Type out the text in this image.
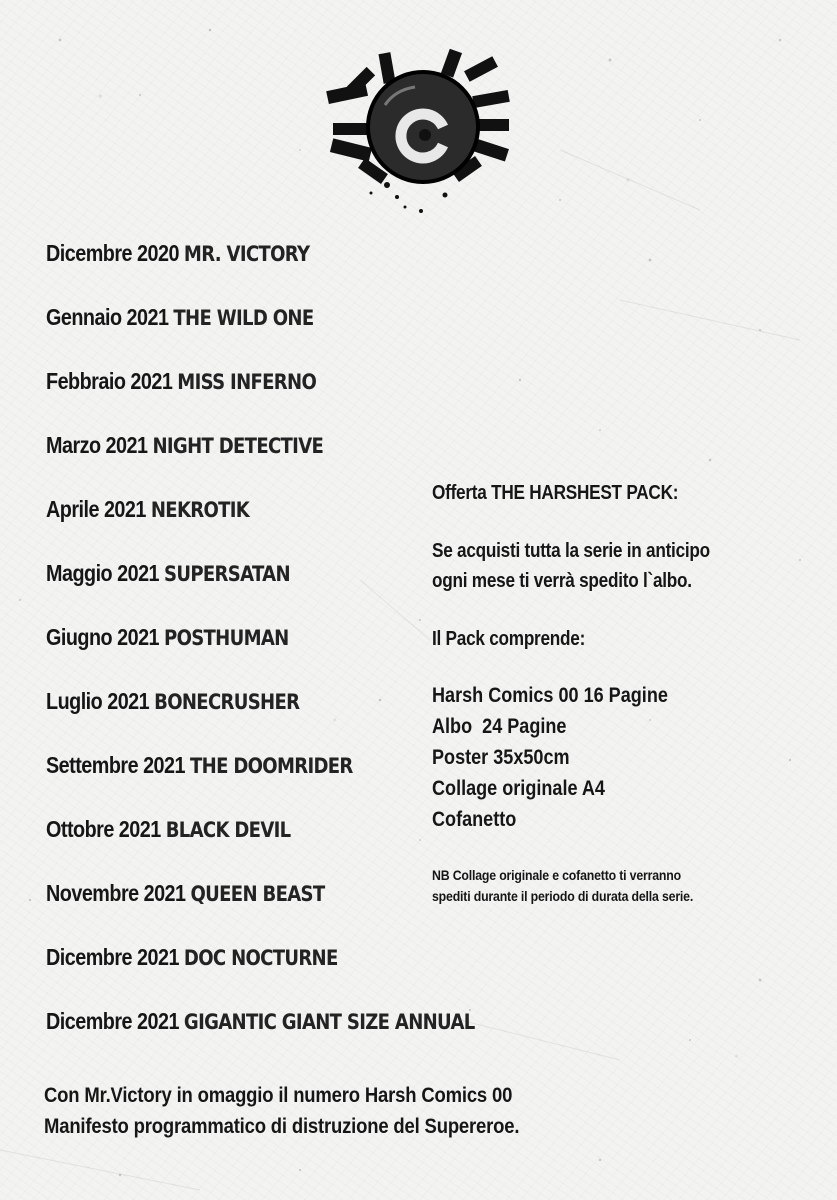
Dicembre 2020 MR. VICTORY
Gennaio 2021 THE WILD ONE
Febbraio 2021 MISS INFERNO
Marzo 2021 NIGHT DETECTIVE
Aprile 2021 NEKROTIK
Maggio 2021 SUPERSATAN
Giugno 2021 POSTHUMAN
Luglio 2021 BONECRUSHER
Settembre 2021 THE DOOMRIDER
Ottobre 2021 BLACK DEVIL
Novembre 2021 QUEEN BEAST
Dicembre 2021 DOC NOCTURNE
Dicembre 2021 GIGANTIC GIANT SIZE ANNUAL

Offerta THE HARSHEST PACK:

Se acquisti tutta la serie in anticipo

ogni mese ti verrà spedito l`albo.

Il Pack comprende:

Harsh Comics 00 16 Pagine

Albo  24 Pagine

Poster 35x50cm

Collage originale A4

Cofanetto

NB Collage originale e cofanetto ti verranno
spediti durante il periodo di durata della serie.
Con Mr.Victory in omaggio il numero Harsh Comics 00
Manifesto programmatico di distruzione del Supereroe.
